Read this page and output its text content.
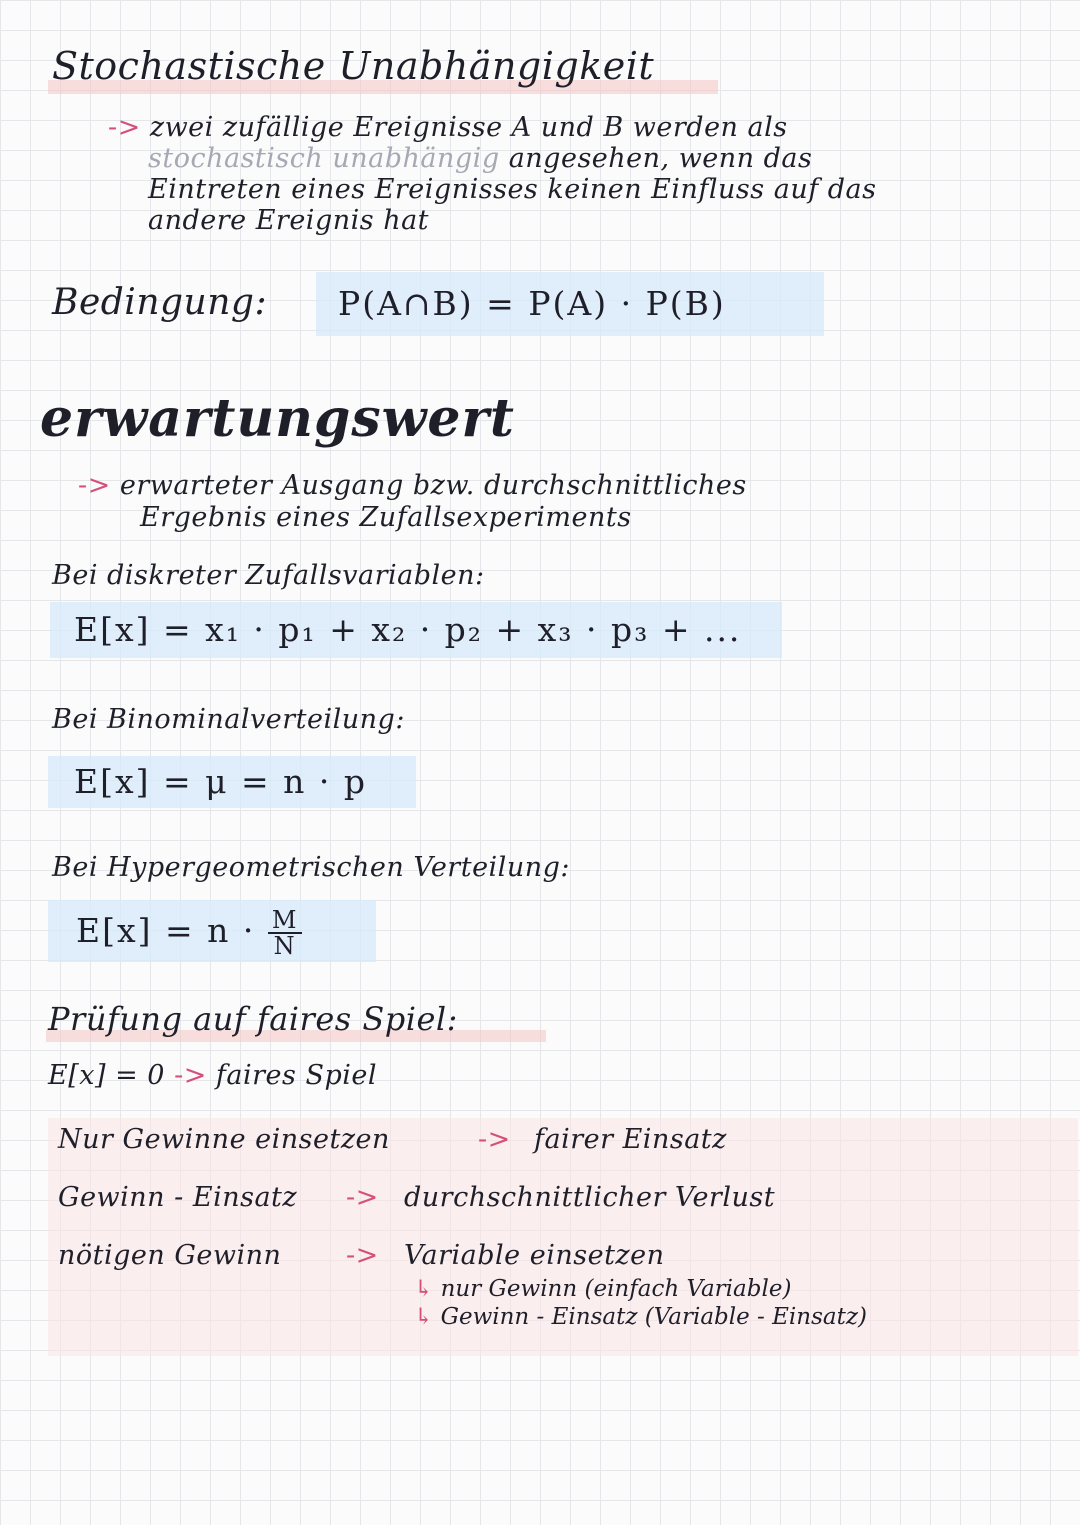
Stochastische Unabhängigkeit
-> zwei zufällige Ereignisse A und B werden als
stochastisch unabhängig angesehen, wenn das
Eintreten eines Ereignisses keinen Einfluss auf das
andere Ereignis hat
Bedingung: P(A∩B) = P(A) · P(B)
erwartungswert
-> erwarteter Ausgang bzw. durchschnittliches
Ergebnis eines Zufallsexperiments
Bei diskreter Zufallsvariablen:
E[x] = x₁ · p₁ + x₂ · p₂ + x₃ · p₃ + ...
Bei Binominalverteilung:
E[x] = μ = n · p
Bei Hypergeometrischen Verteilung:
$E[x] = n \cdot \frac{M}{N}$
Prüfung auf faires Spiel:
E[x] = 0 -> faires Spiel
Nur Gewinne einsetzen	-> fairer Einsatz
Gewinn - Einsatz -> durchschnittlicher Verlust
nötigen Gewinn -> Variable einsetzen
↳ nur Gewinn (einfach Variable)
↳ Gewinn - Einsatz (Variable - Einsatz)
